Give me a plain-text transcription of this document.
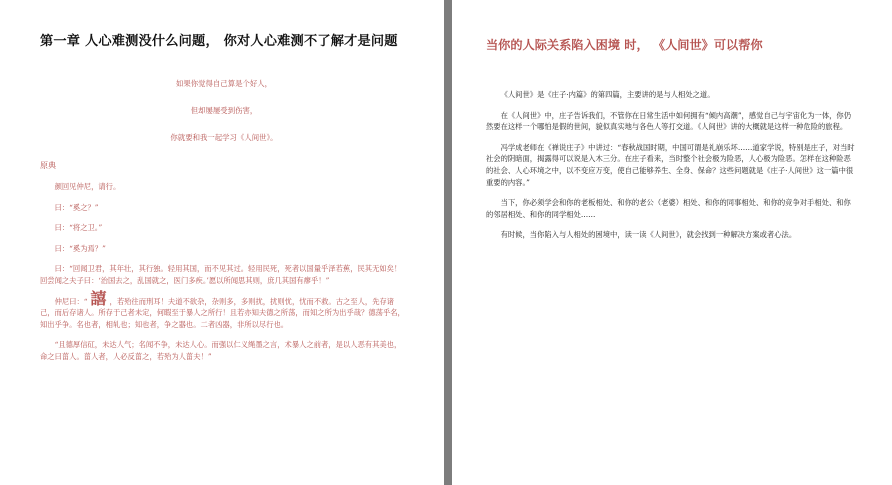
第一章 人心难测没什么问题， 你对人心难测不了解才是问题

如果你觉得自己算是个好人，

但却屡屡受到伤害，

你就要和我一起学习《人间世》。

原典

颜回见仲尼，请行。

曰：“奚之？”

曰：“将之卫。”

曰：“奚为焉？”

曰：“回闻卫君，其年壮，其行独。轻用其国，而不见其过。轻用民死，死者以国量乎泽若蕉，民其无如矣！回尝闻之夫子曰：‘治国去之，乱国就之，医门多疾。’愿以所闻思其则，庶几其国有瘳乎！”

仲尼曰：“ 譆 ，若殆往而刑耳！夫道不欲杂，杂则多，多则扰，扰则忧，忧而不救。古之至人，先存诸己，而后存诸人。所存于己者未定，何暇至于暴人之所行！且若亦知夫德之所荡，而知之所为出乎哉？德荡乎名，知出乎争。名也者，相轧也；知也者，争之器也。二者凶器，非所以尽行也。

“且德厚信矼，未达人气；名闻不争，未达人心。而强以仁义绳墨之言，术暴人之前者，是以人恶有其美也，命之曰菑人。菑人者，人必反菑之，若殆为人菑夫！”

当你的人际关系陷入困境 时， 《人间世》可以帮你

《人间世》是《庄子·内篇》的第四篇，主要讲的是与人相处之道。

在《人间世》中，庄子告诉我们，不管你在日常生活中如何拥有“倾内高潮”，感觉自己与宇宙化为一体，你仍然要在这样一个哪怕是假的世间，貌似真实地与各色人等打交道。《人间世》讲的大概就是这样一种危险的旅程。

冯学成老师在《禅说庄子》中讲过：“春秋战国时期，中国可谓是礼崩乐坏……道家学说，特别是庄子，对当时社会的阴暗面，揭露得可以说是入木三分。在庄子看来，当时整个社会极为险恶，人心极为险恶。怎样在这种险恶的社会、人心环境之中，以不变应万变，使自己能够养生、全身、保命？这些问题就是《庄子·人间世》这一篇中很重要的内容。”

当下，你必须学会和你的老板相处、和你的老公（老婆）相处、和你的同事相处、和你的竞争对手相处、和你的邻居相处、和你的同学相处……

有时候，当你陷入与人相处的困境中，读一读《人间世》，就会找到一种解决方案或者心法。
